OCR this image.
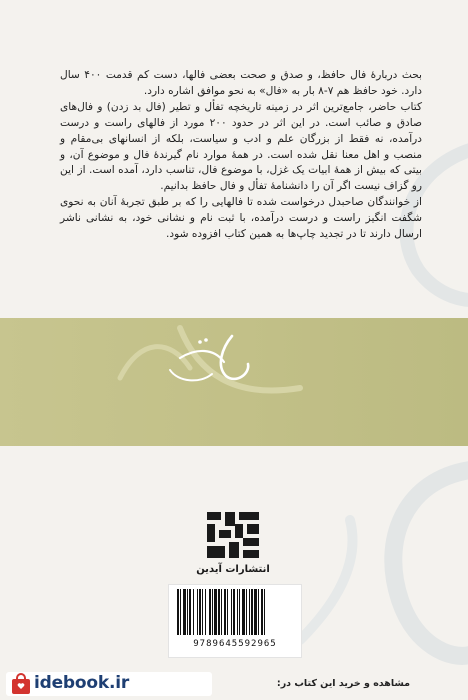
بحث دربارهٔ فال حافظ، و صدق و صحت بعضی فالها، دست کم قدمت ۴۰۰ سال دارد. خود حافظ هم ۷-۸ بار به «فال» به نحو موافق اشاره دارد.

کتاب حاضر، جامع‌ترین اثر در زمینه تاریخچه تفأل و تطیر (فال بد زدن) و فال‌های صادق و صائب است. در این اثر در حدود ۲۰۰ مورد از فالهای راست و درست درآمده، نه فقط از بزرگان علم و ادب و سیاست، بلکه از انسانهای بی‌مقام و منصب و اهل معنا نقل شده است. در همهٔ موارد نام گیرندهٔ فال و موضوع آن، و بیتی که بیش از همهٔ ابیات یک غزل، با موضوع فال، تناسب دارد، آمده است. از این رو گزاف نیست اگر آن را دانشنامهٔ تفأل و فال حافظ بدانیم.

از خوانندگان صاحبدل درخواست شده تا فالهایی را که بر طبق تجربهٔ آنان به نحوی شگفت انگیز راست و درست درآمده، با ثبت نام و نشانی خود، به نشانی ناشر ارسال دارند تا در تجدید چاپ‌ها به همین کتاب افزوده شود.

انتشارات آیدین
9789645592965
idebook.ir	مشاهده و خرید این کتاب در:
